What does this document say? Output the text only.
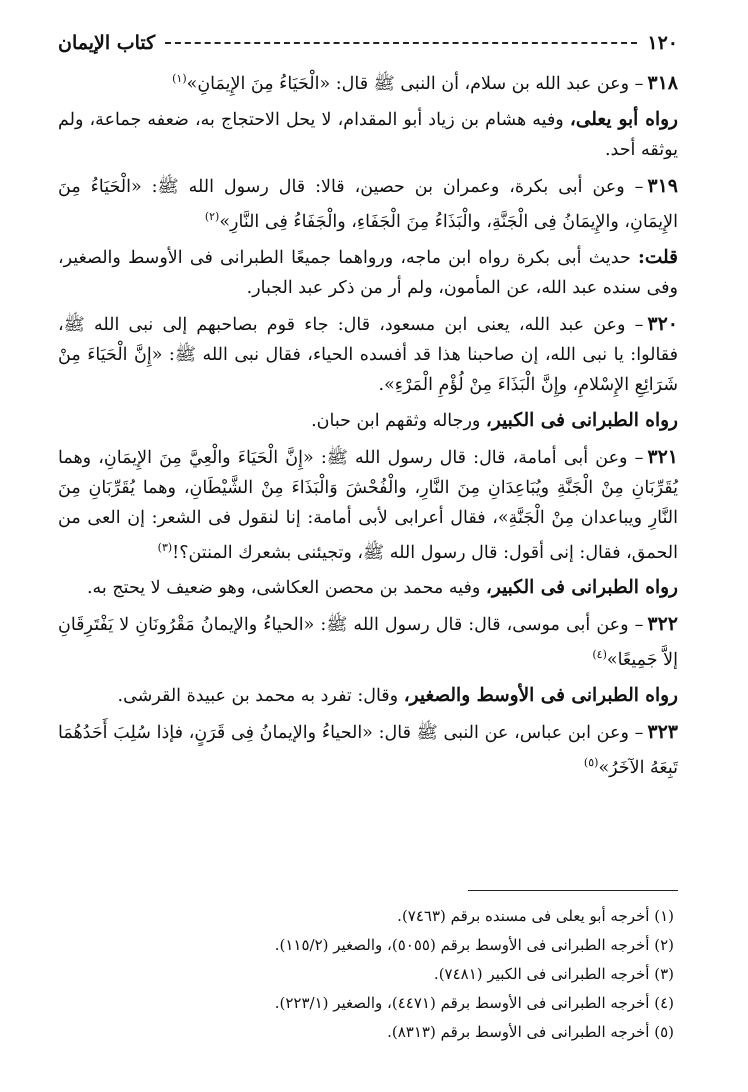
١٢٠
كتاب الإيمان

٣١٨– وعن عبد الله بن سلام، أن النبى ﷺ قال: «الْحَيَاءُ مِنَ الإِيمَانِ»$^{(١)}$

رواه أبو يعلى، وفيه هشام بن زياد أبو المقدام، لا يحل الاحتجاج به، ضعفه جماعة، ولم يوثقه أحد.

٣١٩– وعن أبى بكرة، وعمران بن حصين، قالا: قال رسول الله ﷺ: «الْحَيَاءُ مِنَ الإِيمَانِ، والإِيمَانُ فِى الْجَنَّةِ، والْبَذَاءُ مِنَ الْجَفَاءِ، والْجَفَاءُ فِى النَّارِ»$^{(٢)}$

قلت: حديث أبى بكرة رواه ابن ماجه، ورواهما جميعًا الطبرانى فى الأوسط والصغير، وفى سنده عبد الله، عن المأمون، ولم أر من ذكر عبد الجبار.

٣٢٠– وعن عبد الله، يعنى ابن مسعود، قال: جاء قوم بصاحبهم إلى نبى الله ﷺ، فقالوا: يا نبى الله، إن صاحبنا هذا قد أفسده الحياء، فقال نبى الله ﷺ: «إِنَّ الْحَيَاءَ مِنْ شَرَائِعِ الإِسْلامِ، وإِنَّ الْبَذَاءَ مِنْ لُؤْمِ الْمَرْءِ».

رواه الطبرانى فى الكبير، ورجاله وثقهم ابن حبان.

٣٢١– وعن أبى أمامة، قال: قال رسول الله ﷺ: «إِنَّ الْحَيَاءَ والْعِيَّ مِنَ الإِيمَانِ، وهما يُقَرِّبَانِ مِنْ الْجَنَّةِ ويُبَاعِدَانِ مِنَ النَّارِ، والْفُحْشَ وَالْبَذَاءَ مِنْ الشَّيْطَانِ، وهما يُقَرِّبَانِ مِنَ النَّارِ ويباعدان مِنْ الْجَنَّةِ»، فقال أعرابى لأبى أمامة: إنا لنقول فى الشعر: إن العى من الحمق، فقال: إنى أقول: قال رسول الله ﷺ، وتجيئنى بشعرك المنتن؟!$^{(٣)}$

رواه الطبرانى فى الكبير، وفيه محمد بن محصن العكاشى، وهو ضعيف لا يحتج به.

٣٢٢– وعن أبى موسى، قال: قال رسول الله ﷺ: «الحياءُ والإيمانُ مَقْرُونَانِ لا يَفْتَرِقَانِ إلاَّ جَمِيعًا»$^{(٤)}$

رواه الطبرانى فى الأوسط والصغير، وقال: تفرد به محمد بن عبيدة القرشى.

٣٢٣– وعن ابن عباس، عن النبى ﷺ قال: «الحياءُ والإيمانُ فِى قَرَنٍ، فإذا سُلِبَ أَحَدُهُمَا تَبِعَهُ الآخَرُ»$^{(٥)}$

(١) أخرجه أبو يعلى فى مسنده برقم (٧٤٦٣).

(٢) أخرجه الطبرانى فى الأوسط برقم (٥٠٥٥)، والصغير (١١٥/٢).

(٣) أخرجه الطبرانى فى الكبير (٧٤٨١).

(٤) أخرجه الطبرانى فى الأوسط برقم (٤٤٧١)، والصغير (٢٢٣/١).

(٥) أخرجه الطبرانى فى الأوسط برقم (٨٣١٣).
